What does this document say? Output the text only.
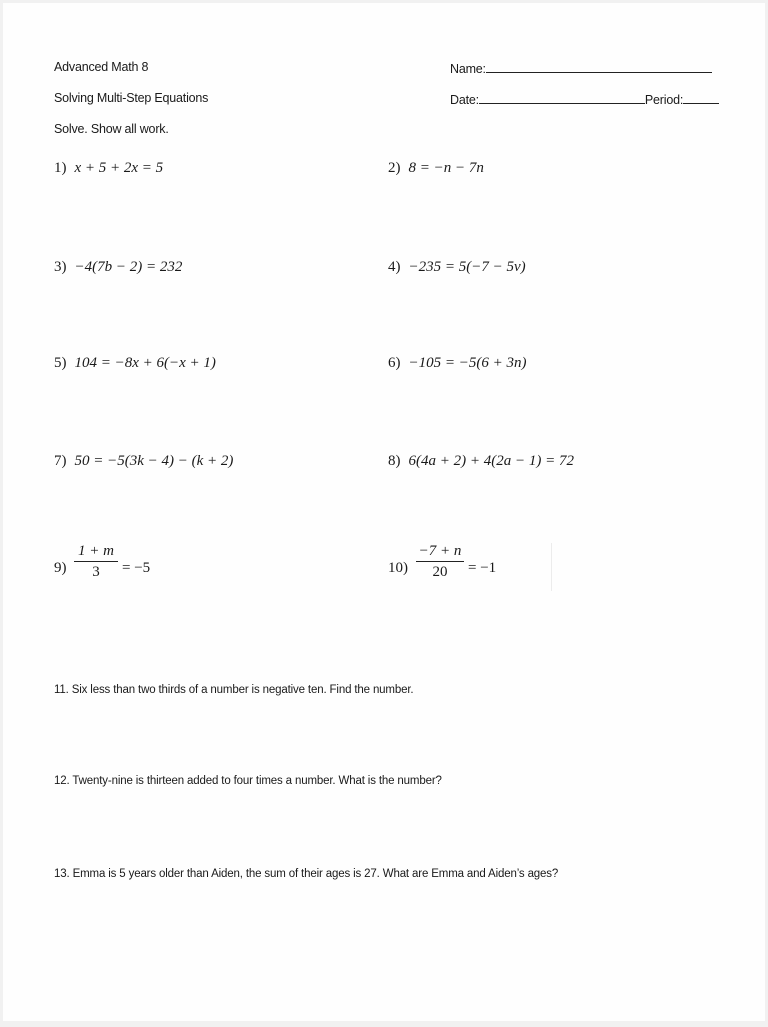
Advanced Math 8
Solving Multi-Step Equations
Solve. Show all work.
Name:
Date:	Period:
1) x + 5 + 2x = 5
3) −4(7b − 2) = 232
5) 104 = −8x + 6(−x + 1)
7) 50 = −5(3k − 4) − (k + 2)
2) 8 = −n − 7n
4) −235 = 5(−7 − 5v)
6) −105 = −5(6 + 3n)
8) 6(4a + 2) + 4(2a − 1) = 72
9)
1 + m
3	= −5	10)
−7 + n
20	= −1
11. Six less than two thirds of a number is negative ten. Find the number.
12. Twenty-nine is thirteen added to four times a number. What is the number?
13. Emma is 5 years older than Aiden, the sum of their ages is 27. What are Emma and Aiden’s ages?
